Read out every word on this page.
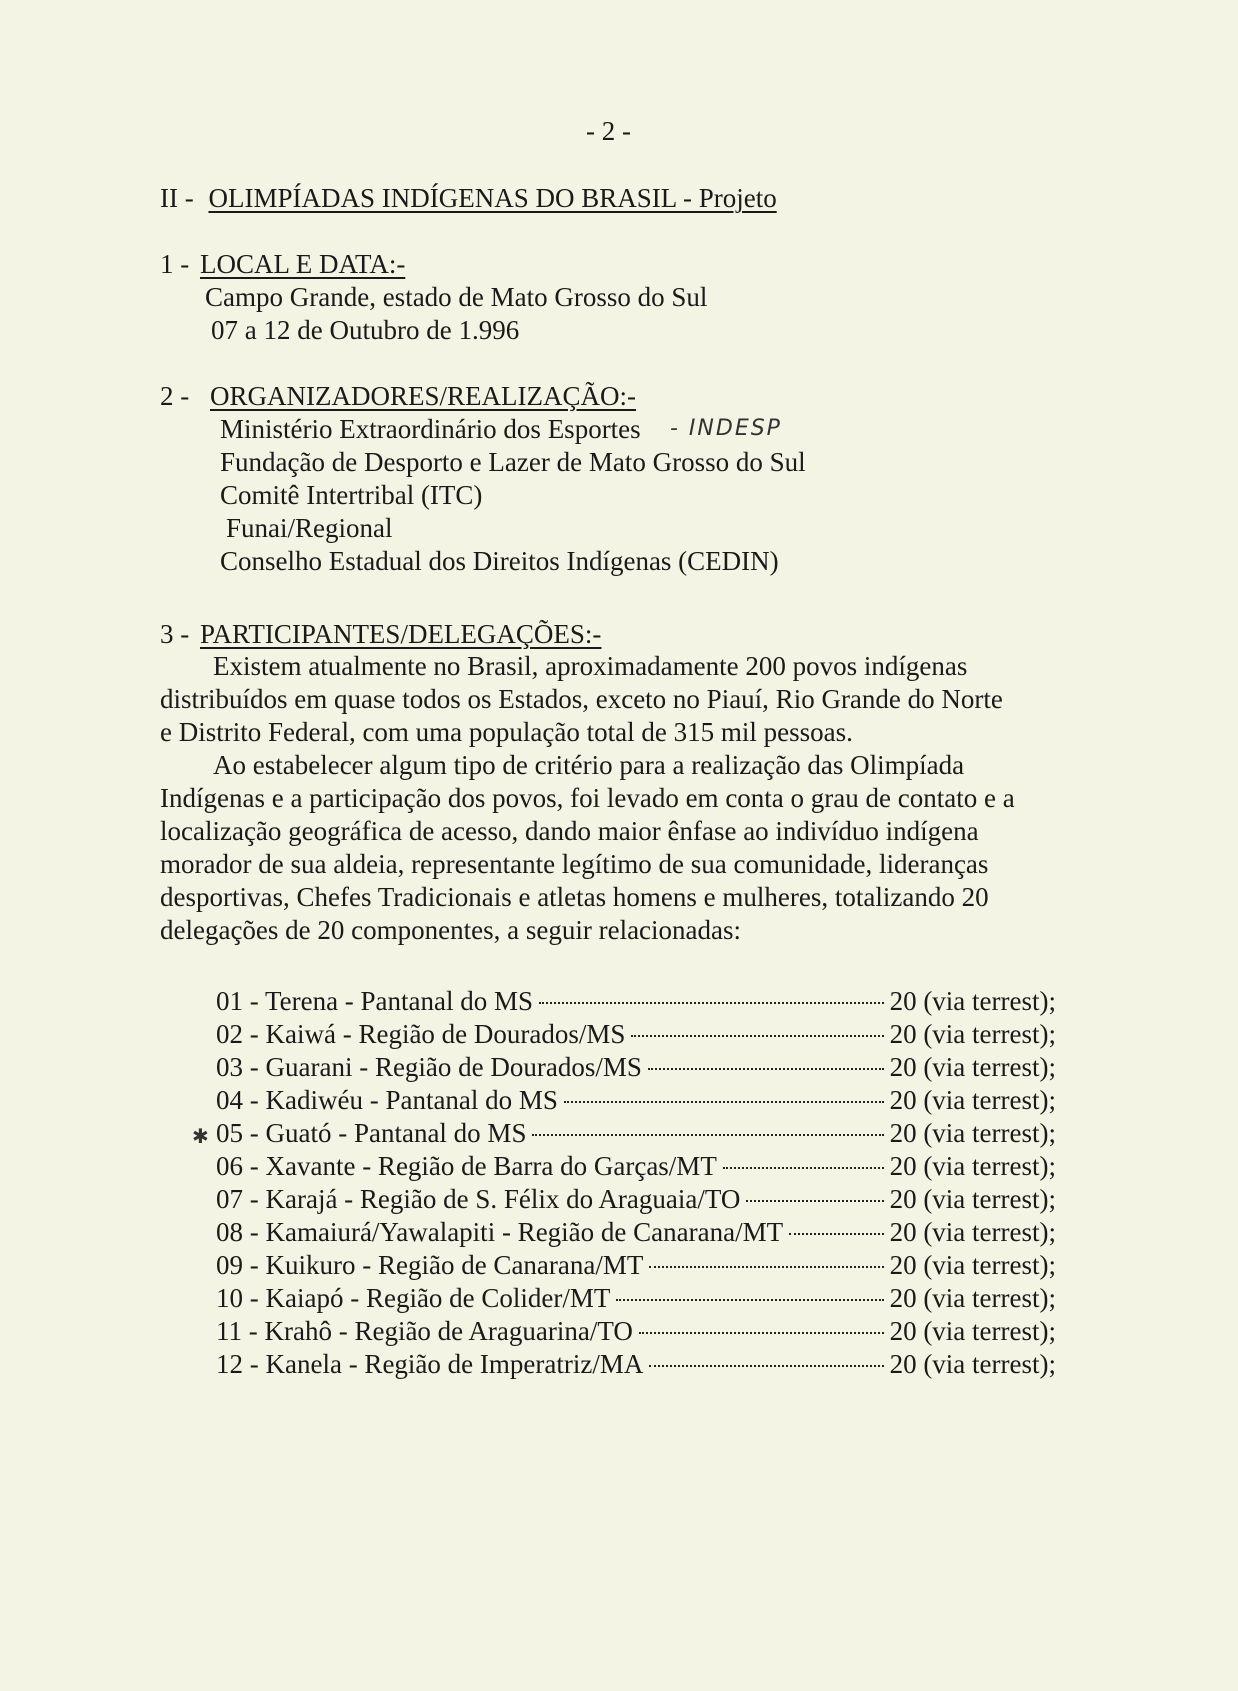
- 2 -
II - OLIMPÍADAS INDÍGENAS DO BRASIL - Projeto
1 - LOCAL E DATA:-
Campo Grande, estado de Mato Grosso do Sul
07 a 12 de Outubro de 1.996
2 - ORGANIZADORES/REALIZAÇÃO:-
Ministério Extraordinário dos Esportes - INDESP
Fundação de Desporto e Lazer de Mato Grosso do Sul
Comitê Intertribal (ITC)
Funai/Regional
Conselho Estadual dos Direitos Indígenas (CEDIN)
3 - PARTICIPANTES/DELEGAÇÕES:-
Existem atualmente no Brasil, aproximadamente 200 povos indígenas
distribuídos em quase todos os Estados, exceto no Piauí, Rio Grande do Norte
e Distrito Federal, com uma população total de 315 mil pessoas.
Ao estabelecer algum tipo de critério para a realização das Olimpíada
Indígenas e a participação dos povos, foi levado em conta o grau de contato e a
localização geográfica de acesso, dando maior ênfase ao indivíduo indígena
morador de sua aldeia, representante legítimo de sua comunidade, lideranças
desportivas, Chefes Tradicionais e atletas homens e mulheres, totalizando 20
delegações de 20 componentes, a seguir relacionadas:
01 - Terena - Pantanal do MS	20 (via terrest);
02 - Kaiwá - Região de Dourados/MS	20 (via terrest);
03 - Guarani - Região de Dourados/MS	20 (via terrest);
04 - Kadiwéu - Pantanal do MS	20 (via terrest);
✱ 05 - Guató - Pantanal do MS	20 (via terrest);
06 - Xavante - Região de Barra do Garças/MT	20 (via terrest);
07 - Karajá - Região de S. Félix do Araguaia/TO	20 (via terrest);
08 - Kamaiurá/Yawalapiti - Região de Canarana/MT	20 (via terrest);
09 - Kuikuro - Região de Canarana/MT	20 (via terrest);
10 - Kaiapó - Região de Colider/MT	20 (via terrest);
11 - Krahô - Região de Araguarina/TO	20 (via terrest);
12 - Kanela - Região de Imperatriz/MA	20 (via terrest);
